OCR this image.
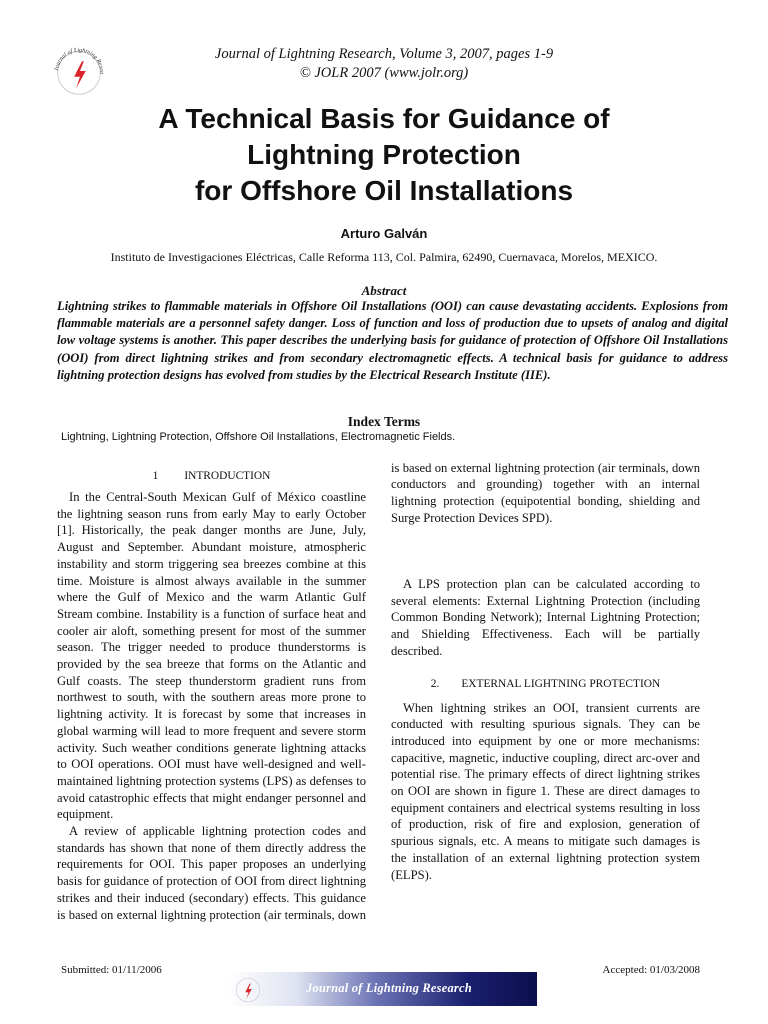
Journal of Lightning Resea
Journal of Lightning Research, Volume 3, 2007, pages 1-9
© JOLR 2007 (www.jolr.org)
A Technical Basis for Guidance of
Lightning Protection
for Offshore Oil Installations
Arturo Galván
Instituto de Investigaciones Eléctricas, Calle Reforma 113, Col. Palmira, 62490, Cuernavaca, Morelos, MEXICO.
Abstract
Lightning strikes to flammable materials in Offshore Oil Installations (OOI) can cause devastating accidents. Explosions from flammable materials are a personnel safety danger. Loss of function and loss of production due to upsets of analog and digital low voltage systems is another. This paper describes the underlying basis for guidance of protection of Offshore Oil Installations (OOI) from direct lightning strikes and from secondary electromagnetic effects. A technical basis for guidance to address lightning protection designs has evolved from studies by the Electrical Research Institute (IIE).
Index Terms
Lightning, Lightning Protection, Offshore Oil Installations, Electromagnetic Fields.
1 INTRODUCTION

In the Central-South Mexican Gulf of México coastline the lightning season runs from early May to early October [1]. Historically, the peak danger months are June, July, August and September. Abundant moisture, atmospheric instability and storm triggering sea breezes combine at this time. Moisture is almost always available in the summer where the Gulf of Mexico and the warm Atlantic Gulf Stream combine. Instability is a function of surface heat and cooler air aloft, something present for most of the summer season. The trigger needed to produce thunderstorms is provided by the sea breeze that forms on the Atlantic and Gulf coasts. The steep thunderstorm gradient runs from northwest to south, with the southern areas more prone to lightning activity. It is forecast by some that increases in global warming will lead to more frequent and severe storm activity. Such weather conditions generate lightning attacks to OOI operations. OOI must have well-designed and well-maintained lightning protection systems (LPS) as defenses to avoid catastrophic effects that might endanger personnel and equipment.

A review of applicable lightning protection codes and standards has shown that none of them directly address the requirements for OOI. This paper proposes an underlying basis for guidance of protection of OOI from direct lightning strikes and their induced (secondary) effects. This guidance is based on external lightning protection (air terminals, down

is based on external lightning protection (air terminals, down conductors and grounding) together with an internal lightning protection (equipotential bonding, shielding and Surge Protection Devices SPD).

A LPS protection plan can be calculated according to several elements: External Lightning Protection (including Common Bonding Network); Internal Lightning Protection; and Shielding Effectiveness. Each will be partially described.

2. EXTERNAL LIGHTNING PROTECTION

When lightning strikes an OOI, transient currents are conducted with resulting spurious signals. They can be introduced into equipment by one or more mechanisms: capacitive, magnetic, inductive coupling, direct arc-over and potential rise. The primary effects of direct lightning strikes on OOI are shown in figure 1. These are direct damages to equipment containers and electrical systems resulting in loss of production, risk of fire and explosion, generation of spurious signals, etc. A means to mitigate such damages is the installation of an external lightning protection system (ELPS).

Submitted: 01/11/2006	Accepted: 01/03/2008
Journal of Lightning Research
